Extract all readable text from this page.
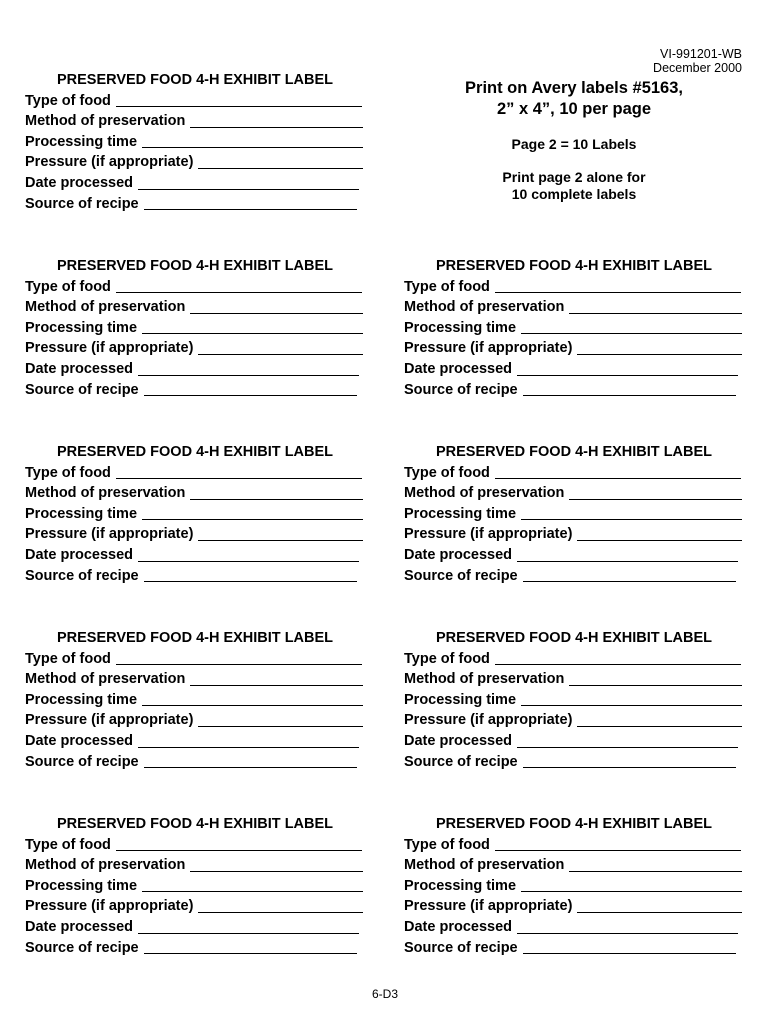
VI-991201-WB
December 2000
Print on Avery labels #5163,
2” x 4”, 10 per page
Page 2 = 10 Labels
Print page 2 alone for
10 complete labels
PRESERVED FOOD 4-H EXHIBIT LABEL
Type of food
Method of preservation
Processing time
Pressure (if appropriate)
Date processed
Source of recipe
PRESERVED FOOD 4-H EXHIBIT LABEL
Type of food
Method of preservation
Processing time
Pressure (if appropriate)
Date processed
Source of recipe
PRESERVED FOOD 4-H EXHIBIT LABEL
Type of food
Method of preservation
Processing time
Pressure (if appropriate)
Date processed
Source of recipe
PRESERVED FOOD 4-H EXHIBIT LABEL
Type of food
Method of preservation
Processing time
Pressure (if appropriate)
Date processed
Source of recipe
PRESERVED FOOD 4-H EXHIBIT LABEL
Type of food
Method of preservation
Processing time
Pressure (if appropriate)
Date processed
Source of recipe
PRESERVED FOOD 4-H EXHIBIT LABEL
Type of food
Method of preservation
Processing time
Pressure (if appropriate)
Date processed
Source of recipe
PRESERVED FOOD 4-H EXHIBIT LABEL
Type of food
Method of preservation
Processing time
Pressure (if appropriate)
Date processed
Source of recipe
PRESERVED FOOD 4-H EXHIBIT LABEL
Type of food
Method of preservation
Processing time
Pressure (if appropriate)
Date processed
Source of recipe
PRESERVED FOOD 4-H EXHIBIT LABEL
Type of food
Method of preservation
Processing time
Pressure (if appropriate)
Date processed
Source of recipe
6-D3
